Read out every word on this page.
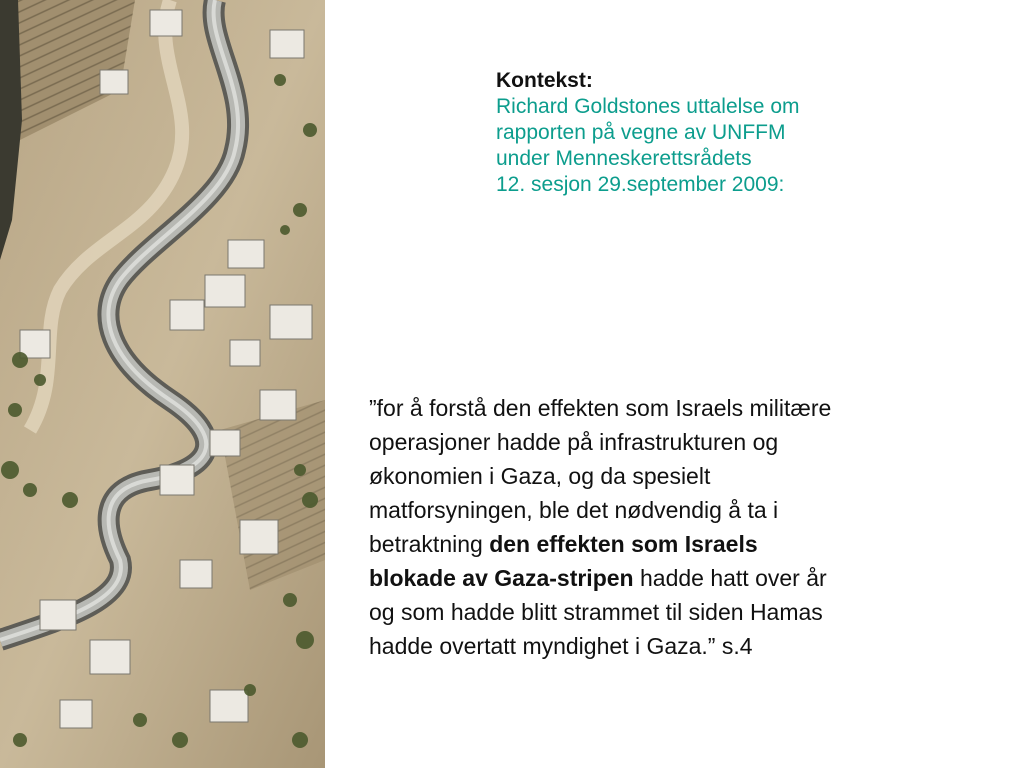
Kontekst:
Richard Goldstones uttalelse om
rapporten på vegne av UNFFM
under Menneskerettsrådets
12. sesjon 29.september 2009:
”for å forstå den effekten som Israels militære
operasjoner hadde på infrastrukturen og
økonomien i Gaza, og da spesielt
matforsyningen, ble det nødvendig å ta i
betraktning den effekten som Israels
blokade av Gaza-stripen hadde hatt over år
og som hadde blitt strammet til siden Hamas
hadde overtatt myndighet i Gaza.” s.4
